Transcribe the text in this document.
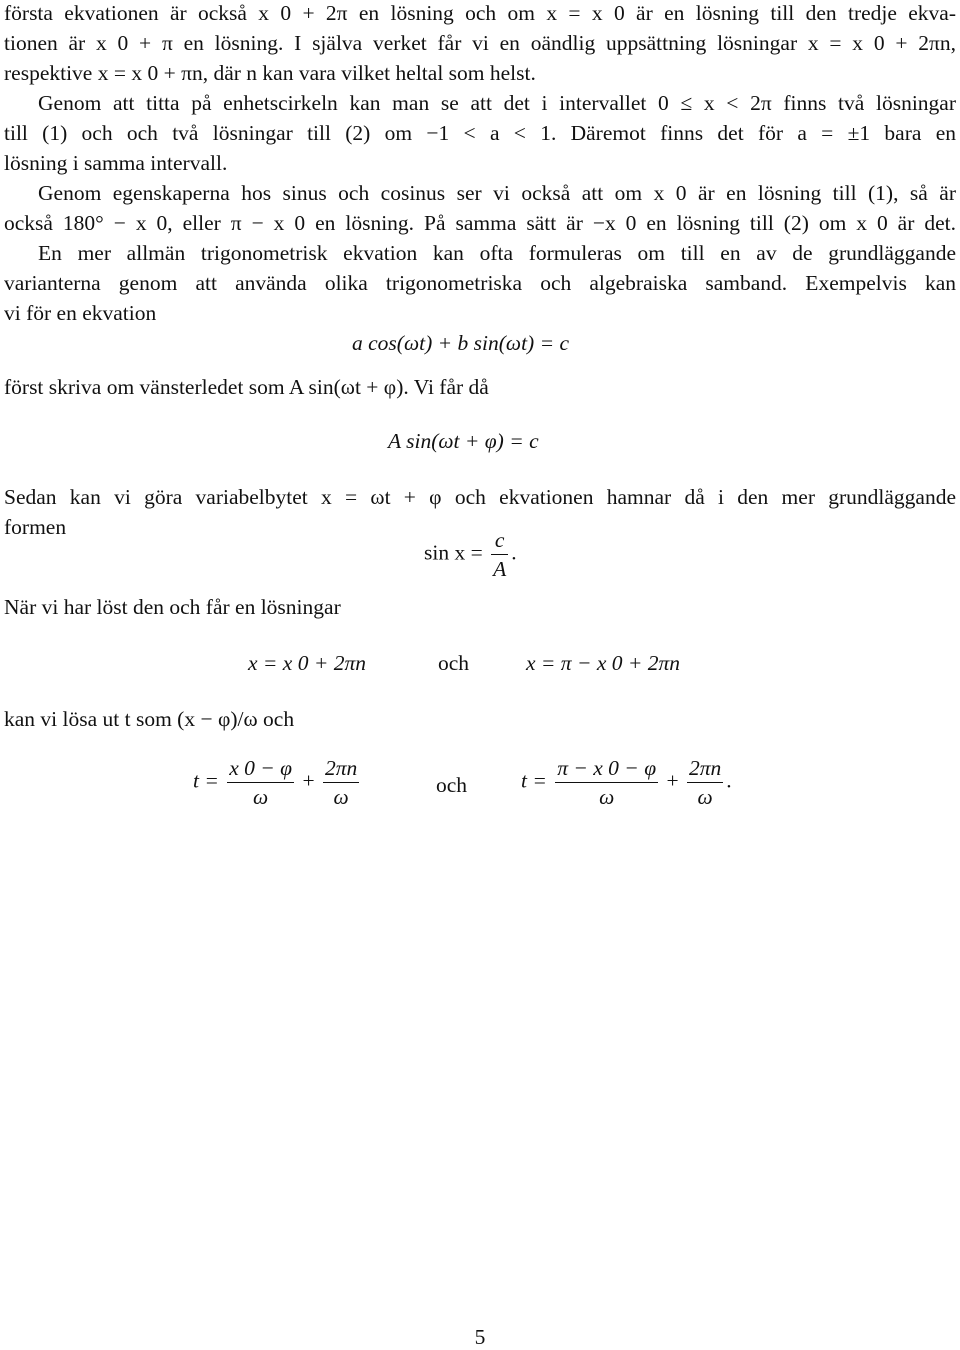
första ekvationen är också x 0 + 2π en lösning och om x = x 0 är en lösning till den tredje ekva-
tionen är x 0 + π en lösning. I själva verket får vi en oändlig uppsättning lösningar x = x 0 + 2πn,
respektive x = x 0 + πn, där n kan vara vilket heltal som helst.
Genom att titta på enhetscirkeln kan man se att det i intervallet 0 ≤ x < 2π finns två lösningar
till (1) och och två lösningar till (2) om −1 < a < 1. Däremot finns det för a = ±1 bara en
lösning i samma intervall.
Genom egenskaperna hos sinus och cosinus ser vi också att om x 0 är en lösning till (1), så är
också 180° − x 0, eller π − x 0 en lösning. På samma sätt är −x 0 en lösning till (2) om x 0 är det.
En mer allmän trigonometrisk ekvation kan ofta formuleras om till en av de grundläggande
varianterna genom att använda olika trigonometriska och algebraiska samband. Exempelvis kan
vi för en ekvation
a cos(ωt) + b sin(ωt) = c
först skriva om vänsterledet som A sin(ωt + φ). Vi får då
A sin(ωt + φ) = c
Sedan kan vi göra variabelbytet x = ωt + φ och ekvationen hamnar då i den mer grundläggande
formen
$\sin x = \frac{c}{A}$ .
När vi har löst den och får en lösningar
x = x 0 + 2πn	och	x = π − x 0 + 2πn
kan vi lösa ut t som (x − φ)/ω och
$t = \frac{x 0 - \varphi}{\omega} + \frac{2\pi n}{\omega}$	och	$t = \frac{\pi - x 0 - \varphi}{\omega} + \frac{2\pi n}{\omega}$ .
5
